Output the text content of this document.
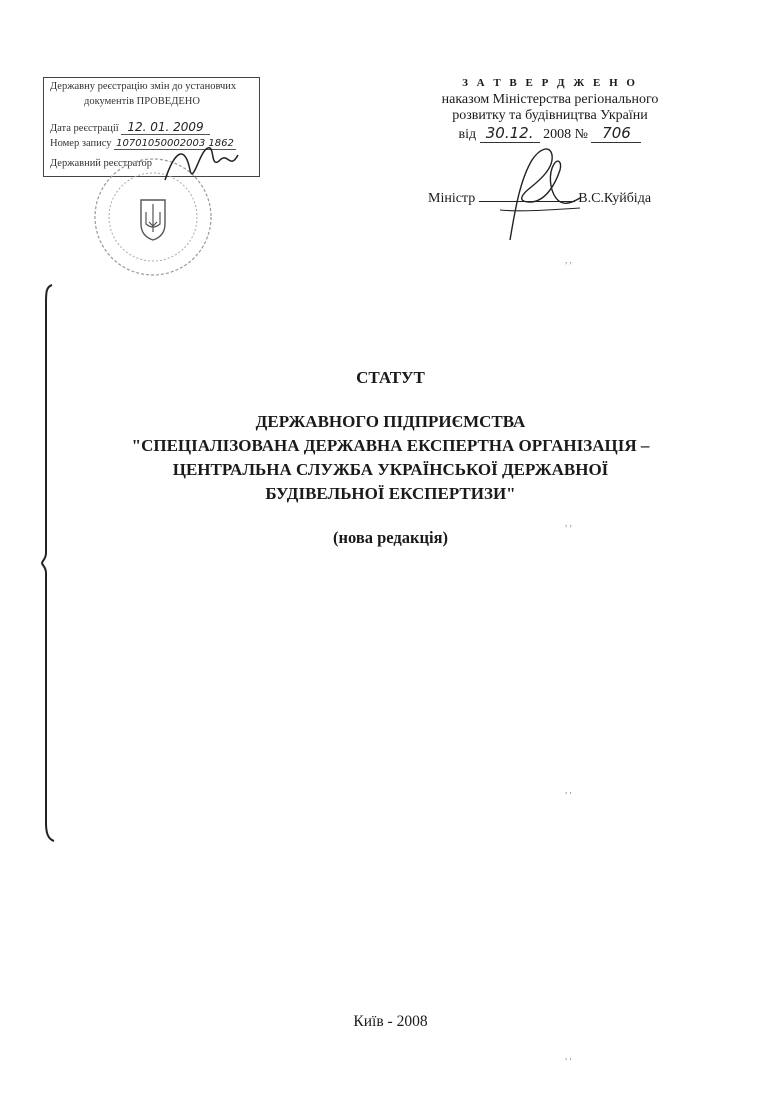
Державну реєстрацію змін до установчих
документів ПРОВЕДЕНО
Дата реєстрації 12. 01. 2009
Номер запису 10701050002003 1862
Державний реєстратор
З А Т В Е Р Д Ж Е Н О
наказом Міністерства регіонального
розвитку та будівництва України
від 30.12. 2008 № 706
Міністр	В.С.Куйбіда
СТАТУТ
ДЕРЖАВНОГО ПІДПРИЄМСТВА
"СПЕЦІАЛІЗОВАНА ДЕРЖАВНА ЕКСПЕРТНА ОРГАНІЗАЦІЯ –
ЦЕНТРАЛЬНА СЛУЖБА УКРАЇНСЬКОЇ ДЕРЖАВНОЇ
БУДІВЕЛЬНОЇ ЕКСПЕРТИЗИ"
(нова редакція)
, ,
, ,
, ,
, ,
Київ - 2008
